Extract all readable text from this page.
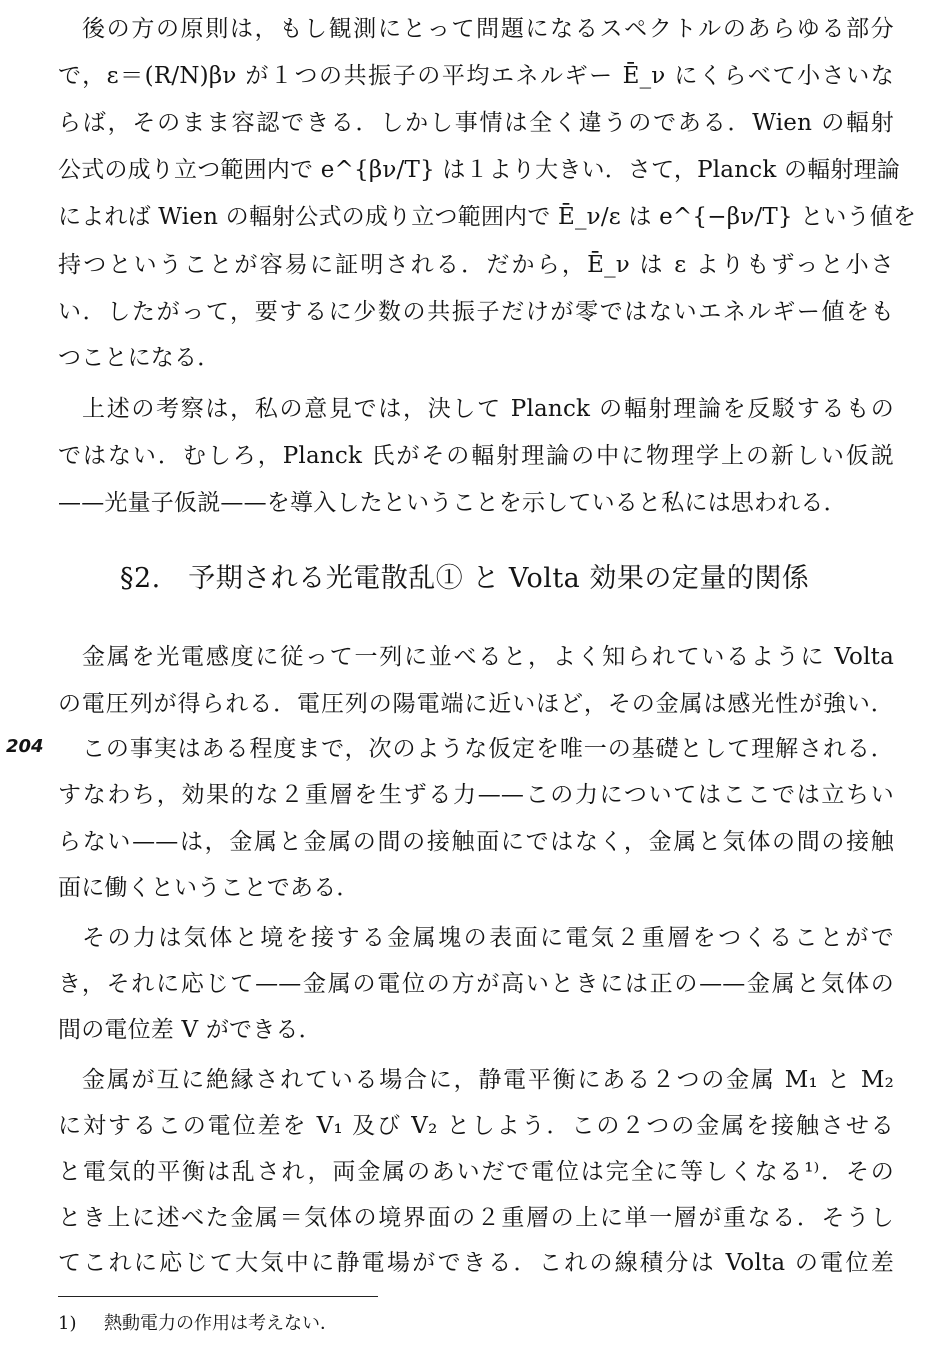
後の方の原則は，もし観測にとって問題になるスペクトルのあらゆる部分
で，ε＝(R/N)βν が１つの共振子の平均エネルギー Ē_ν にくらべて小さいな
らば，そのまま容認できる．しかし事情は全く違うのである．Wien の輻射
公式の成り立つ範囲内で e^{βν/T} は１より大きい．さて，Planck の輻射理論
によれば Wien の輻射公式の成り立つ範囲内で Ē_ν/ε は e^{−βν/T} という値を
持つということが容易に証明される．だから，Ē_ν は ε よりもずっと小さ
い．したがって，要するに少数の共振子だけが零ではないエネルギー値をも
つことになる．
上述の考察は，私の意見では，決して Planck の輻射理論を反駁するもの
ではない．むしろ，Planck 氏がその輻射理論の中に物理学上の新しい仮説
——光量子仮説——を導入したということを示していると私には思われる．
§2.　予期される光電散乱① と Volta 効果の定量的関係
金属を光電感度に従って一列に並べると，よく知られているように Volta
の電圧列が得られる．電圧列の陽電端に近いほど，その金属は感光性が強い．
204 この事実はある程度まで，次のような仮定を唯一の基礎として理解される．
すなわち，効果的な２重層を生ずる力——この力についてはここでは立ちい
らない——は，金属と金属の間の接触面にではなく，金属と気体の間の接触
面に働くということである．
その力は気体と境を接する金属塊の表面に電気２重層をつくることがで
き，それに応じて——金属の電位の方が高いときには正の——金属と気体の
間の電位差 V ができる．
金属が互に絶縁されている場合に，静電平衡にある２つの金属 M₁ と M₂
に対するこの電位差を V₁ 及び V₂ としよう．この２つの金属を接触させる
と電気的平衡は乱され，両金属のあいだで電位は完全に等しくなる¹⁾．その
とき上に述べた金属＝気体の境界面の２重層の上に単一層が重なる．そうし
てこれに応じて大気中に静電場ができる．これの線積分は Volta の電位差
1) 熱動電力の作用は考えない．
